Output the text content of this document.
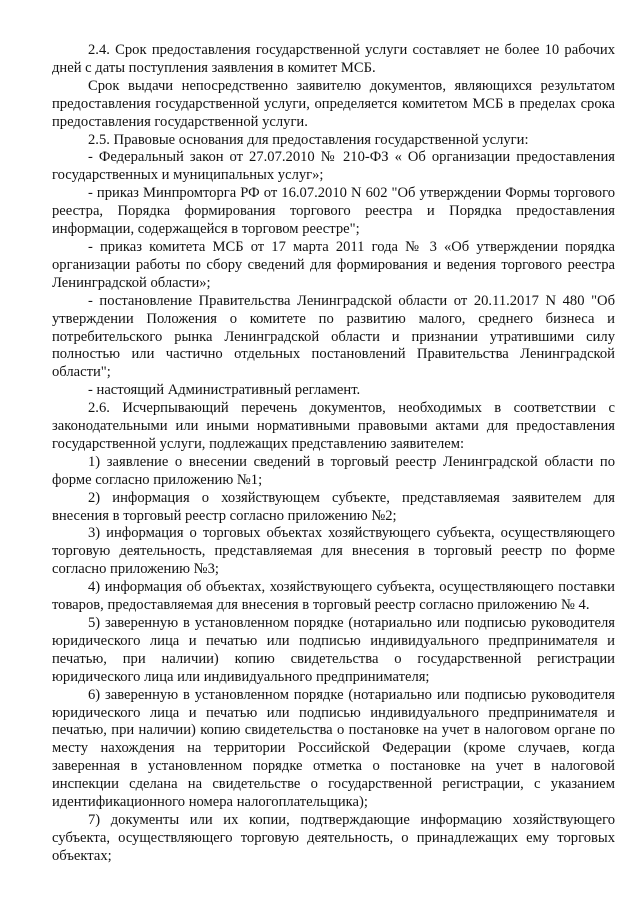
2.4. Срок предоставления государственной услуги составляет не более 10 рабочих дней с даты поступления заявления в комитет МСБ.

Срок выдачи непосредственно заявителю документов, являющихся результатом предоставления государственной услуги, определяется комитетом МСБ в пределах срока предоставления государственной услуги.

2.5. Правовые основания для предоставления государственной услуги:

- Федеральный закон от 27.07.2010 № 210-ФЗ « Об организации предоставления государственных и муниципальных услуг»;

- приказ Минпромторга РФ от 16.07.2010 N 602 "Об утверждении Формы торгового реестра, Порядка формирования торгового реестра и Порядка предоставления информации, содержащейся в торговом реестре";

- приказ комитета МСБ от 17 марта 2011 года № 3 «Об утверждении порядка организации работы по сбору сведений для формирования и ведения торгового реестра Ленинградской области»;

- постановление Правительства Ленинградской области от 20.11.2017 N 480 "Об утверждении Положения о комитете по развитию малого, среднего бизнеса и потребительского рынка Ленинградской области и признании утратившими силу полностью или частично отдельных постановлений Правительства Ленинградской области";

- настоящий Административный регламент.

2.6. Исчерпывающий перечень документов, необходимых в соответствии с законодательными или иными нормативными правовыми актами для предоставления государственной услуги, подлежащих представлению заявителем:

1) заявление о внесении сведений в торговый реестр Ленинградской области по форме согласно приложению №1;

2) информация о хозяйствующем субъекте, представляемая заявителем для внесения в торговый реестр согласно приложению №2;

3) информация о торговых объектах хозяйствующего субъекта, осуществляющего торговую деятельность, представляемая для внесения в торговый реестр по форме согласно приложению №3;

4) информация об объектах, хозяйствующего субъекта, осуществляющего поставки товаров, предоставляемая для внесения в торговый реестр согласно приложению № 4.

5) заверенную в установленном порядке (нотариально или подписью руководителя юридического лица и печатью или подписью индивидуального предпринимателя и печатью, при наличии) копию свидетельства о государственной регистрации юридического лица или индивидуального предпринимателя;

6) заверенную в установленном порядке (нотариально или подписью руководителя юридического лица и печатью или подписью индивидуального предпринимателя и печатью, при наличии) копию свидетельства о постановке на учет в налоговом органе по месту нахождения на территории Российской Федерации (кроме случаев, когда заверенная в установленном порядке отметка о постановке на учет в налоговой инспекции сделана на свидетельстве о государственной регистрации, с указанием идентификационного номера налогоплательщика);

7) документы или их копии, подтверждающие информацию хозяйствующего субъекта, осуществляющего торговую деятельность, о принадлежащих ему торговых объектах;
